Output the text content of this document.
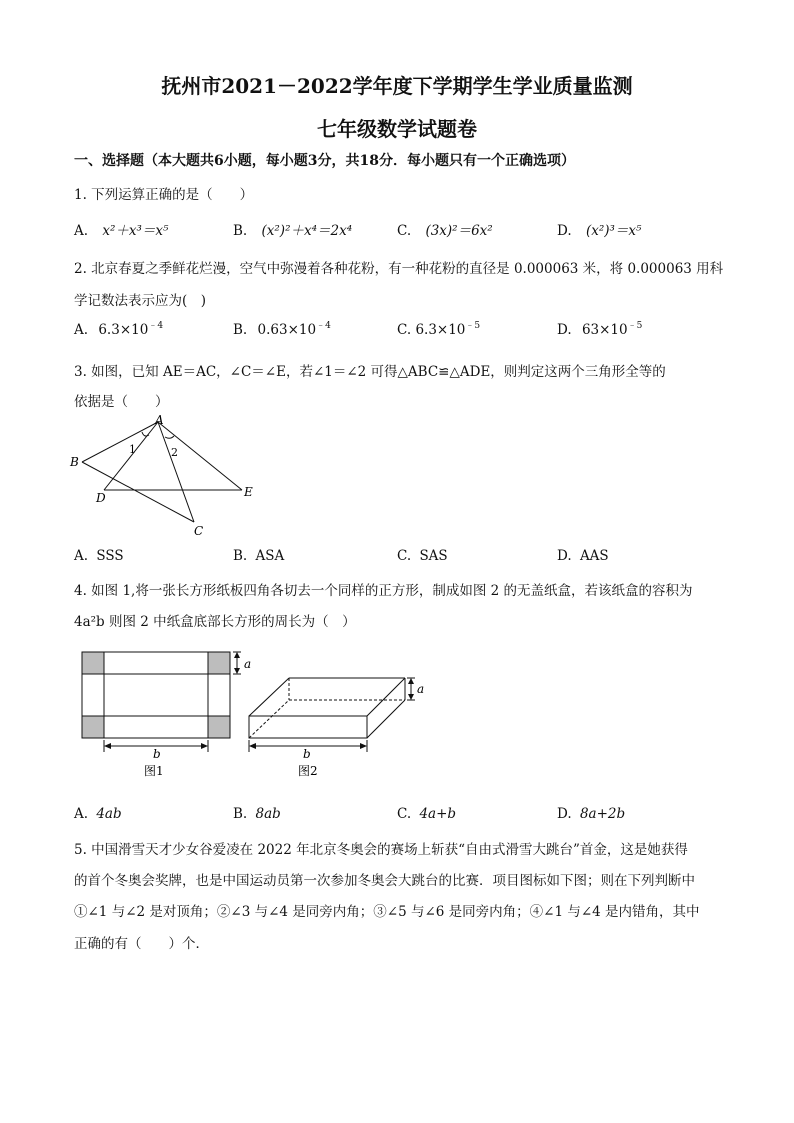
抚州市2021－2022学年度下学期学生学业质量监测
七年级数学试题卷
一、选择题（本大题共6小题，每小题3分，共18分．每小题只有一个正确选项）
1. 下列运算正确的是（　　）
A. x²＋x³＝x⁵	B. (x²)²＋x⁴＝2x⁴	C. (3x)²＝6x²	D. (x²)³＝x⁵
2. 北京春夏之季鲜花烂漫，空气中弥漫着各种花粉，有一种花粉的直径是 0.000063 米，将 0.000063 用科
学记数法表示应为(　)
A. $6.3\times 10^{﹣4}$	B. $0.63\times 10^{﹣4}$	C. $6.3\times 10^{﹣5}$	D. $63\times 10^{﹣5}$
3. 如图，已知 AE＝AC，∠C＝∠E，若∠1＝∠2 可得△ABC≌△ADE，则判定这两个三角形全等的
依据是（　　）
A
B
C
D	E
1	2
A. SSS	B. ASA	C. SAS	D. AAS
4. 如图 1,将一张长方形纸板四角各切去一个同样的正方形，制成如图 2 的无盖纸盒，若该纸盒的容积为
4a²b 则图 2 中纸盒底部长方形的周长为（　）
a
b
图1
a
b
图2
A. 4ab	B. 8ab	C. 4a+b	D. 8a+2b
5. 中国滑雪天才少女谷爱凌在 2022 年北京冬奥会的赛场上斩获“自由式滑雪大跳台”首金，这是她获得
的首个冬奥会奖牌，也是中国运动员第一次参加冬奥会大跳台的比赛．项目图标如下图；则在下列判断中
①∠1 与∠2 是对顶角；②∠3 与∠4 是同旁内角；③∠5 与∠6 是同旁内角；④∠1 与∠4 是内错角，其中
正确的有（　　）个．
